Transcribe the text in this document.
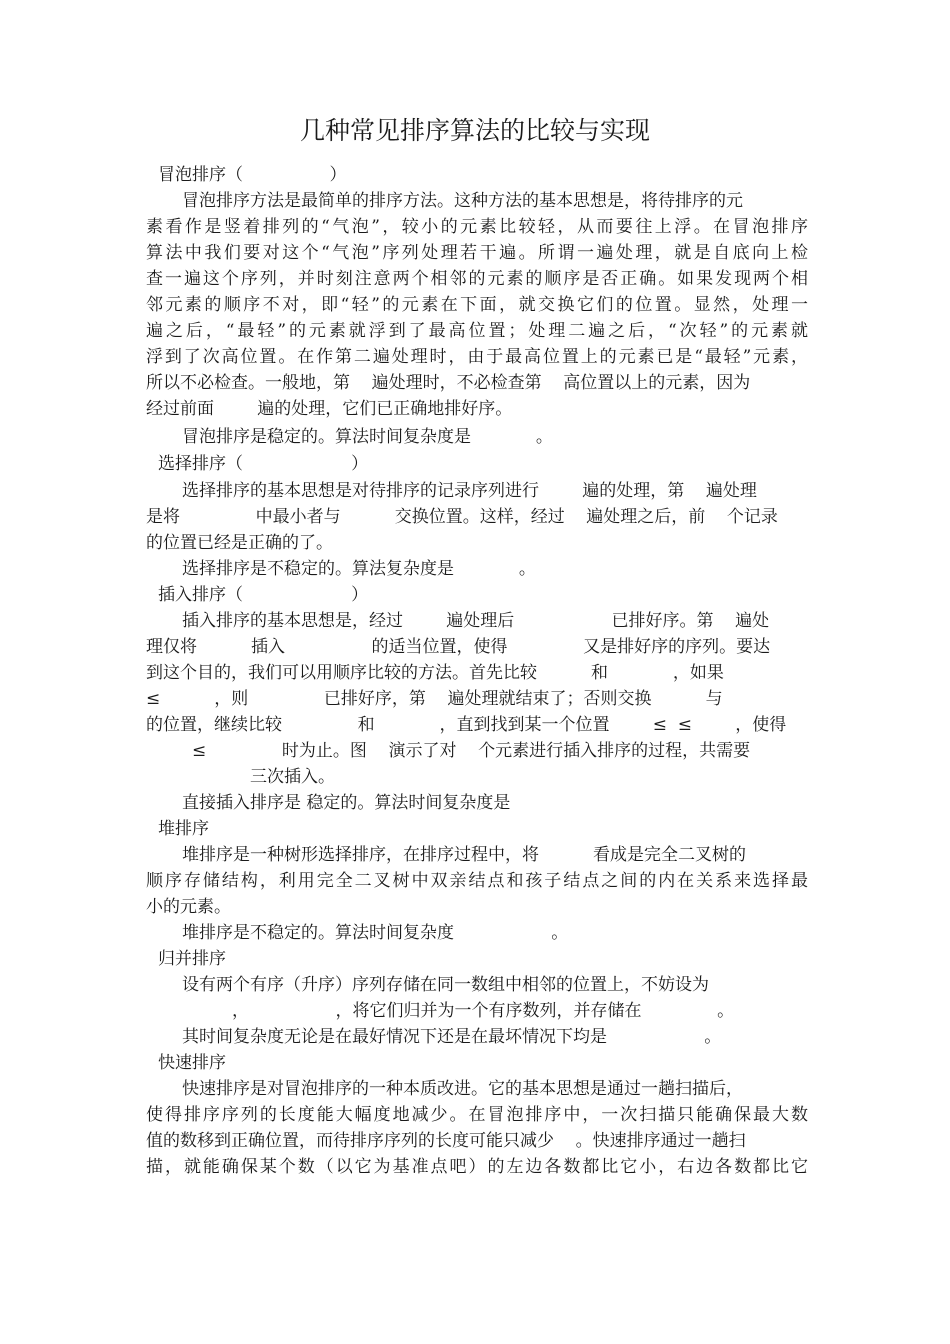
几种常见排序算法的比较与实现
冒泡排序（                ）
冒泡排序方法是最简单的排序方法。这种方法的基本思想是，将待排序的元
素看作是竖着排列的“气泡”，较小的元素比较轻，从而要往上浮。在冒泡排序
算法中我们要对这个“气泡”序列处理若干遍。所谓一遍处理，就是自底向上检
查一遍这个序列，并时刻注意两个相邻的元素的顺序是否正确。如果发现两个相
邻元素的顺序不对，即“轻”的元素在下面，就交换它们的位置。显然，处理一
遍之后，“最轻”的元素就浮到了最高位置；处理二遍之后，“次轻”的元素就
浮到了次高位置。在作第二遍处理时，由于最高位置上的元素已是“最轻”元素，
所以不必检查。一般地，第    遍处理时，不必检查第    高位置以上的元素，因为
经过前面        遍的处理，它们已正确地排好序。
冒泡排序是稳定的。算法时间复杂度是            。
选择排序（                    ）
选择排序的基本思想是对待排序的记录序列进行        遍的处理，第    遍处理
是将              中最小者与          交换位置。这样，经过    遍处理之后，前    个记录
的位置已经是正确的了。
选择排序是不稳定的。算法复杂度是            。
插入排序（                    ）
插入排序的基本思想是，经过        遍处理后                  已排好序。第    遍处
理仅将          插入                的适当位置，使得              又是排好序的序列。要达
到这个目的，我们可以用顺序比较的方法。首先比较          和            ，如果
≤          ，则              已排好序，第    遍处理就结束了；否则交换          与
的位置，继续比较              和            ，直到找到某一个位置        ≤  ≤        ，使得
≤              时为止。图    演示了对    个元素进行插入排序的过程，共需要
三次插入。
直接插入排序是 稳定的。算法时间复杂度是
堆排序
堆排序是一种树形选择排序，在排序过程中，将          看成是完全二叉树的
顺序存储结构，利用完全二叉树中双亲结点和孩子结点之间的内在关系来选择最
小的元素。
堆排序是不稳定的。算法时间复杂度                  。
归并排序
设有两个有序（升序）序列存储在同一数组中相邻的位置上，不妨设为
，                ，将它们归并为一个有序数列，并存储在              。
其时间复杂度无论是在最好情况下还是在最坏情况下均是                  。
快速排序
快速排序是对冒泡排序的一种本质改进。它的基本思想是通过一趟扫描后，
使得排序序列的长度能大幅度地减少。在冒泡排序中，一次扫描只能确保最大数
值的数移到正确位置，而待排序序列的长度可能只减少    。快速排序通过一趟扫
描，就能确保某个数（以它为基准点吧）的左边各数都比它小，右边各数都比它
